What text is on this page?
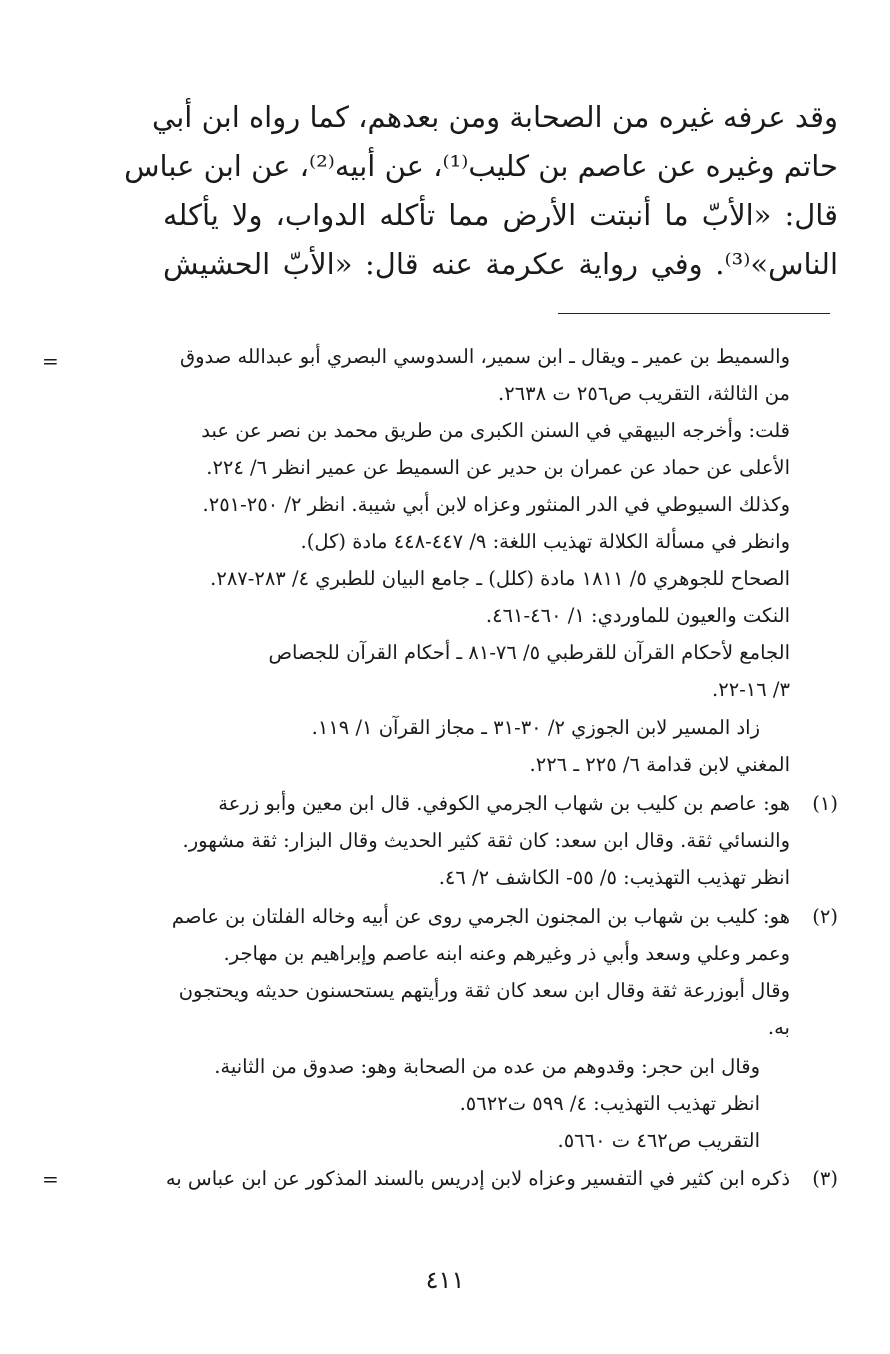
وقد عرفه غيره من الصحابة ومن بعدهم، كما رواه ابن أبي
حاتم وغيره عن عاصم بن كليب⁽¹⁾، عن أبيه⁽²⁾، عن ابن عباس
قال: «الأبّ ما أنبتت الأرض مما تأكله الدواب، ولا يأكله
الناس»⁽³⁾. وفي رواية عكرمة عنه قال: «الأبّ الحشيش
=	والسميط بن عمير ـ ويقال ـ ابن سمير، السدوسي البصري أبو عبدالله صدوق
من الثالثة، التقريب ص٢٥٦ ت ٢٦٣٨.
قلت: وأخرجه البيهقي في السنن الكبرى من طريق محمد بن نصر عن عبد
الأعلى عن حماد عن عمران بن حدير عن السميط عن عمير انظر ٦/ ٢٢٤.
وكذلك السيوطي في الدر المنثور وعزاه لابن أبي شيبة. انظر ٢/ ٢٥٠-٢٥١.
وانظر في مسألة الكلالة تهذيب اللغة: ٩/ ٤٤٧-٤٤٨ مادة (كل).
الصحاح للجوهري ٥/ ١٨١١ مادة (كلل) ـ جامع البيان للطبري ٤/ ٢٨٣-٢٨٧.
النكت والعيون للماوردي: ١/ ٤٦٠-٤٦١.
الجامع لأحكام القرآن للقرطبي ٥/ ٧٦-٨١ ـ أحكام القرآن للجصاص
٣/ ١٦-٢٢.
زاد المسير لابن الجوزي ٢/ ٣٠-٣١ ـ مجاز القرآن ١/ ١١٩.
المغني لابن قدامة ٦/ ٢٢٥ ـ ٢٢٦.
(١)
هو: عاصم بن كليب بن شهاب الجرمي الكوفي. قال ابن معين وأبو زرعة
والنسائي ثقة. وقال ابن سعد: كان ثقة كثير الحديث وقال البزار: ثقة مشهور.
انظر تهذيب التهذيب: ٥/ ٥٥- الكاشف ٢/ ٤٦.
(٢)
هو: كليب بن شهاب بن المجنون الجرمي روى عن أبيه وخاله الفلتان بن عاصم
وعمر وعلي وسعد وأبي ذر وغيرهم وعنه ابنه عاصم وإبراهيم بن مهاجر.
وقال أبوزرعة ثقة وقال ابن سعد كان ثقة ورأيتهم يستحسنون حديثه ويحتجون
به.
وقال ابن حجر: وقدوهم من عده من الصحابة وهو: صدوق من الثانية.
انظر تهذيب التهذيب: ٤/ ٥٩٩ ت٥٦٢٢.
التقريب ص٤٦٢ ت ٥٦٦٠.
(٣)
ذكره ابن كثير في التفسير وعزاه لابن إدريس بالسند المذكور عن ابن عباس به
=
٤١١
